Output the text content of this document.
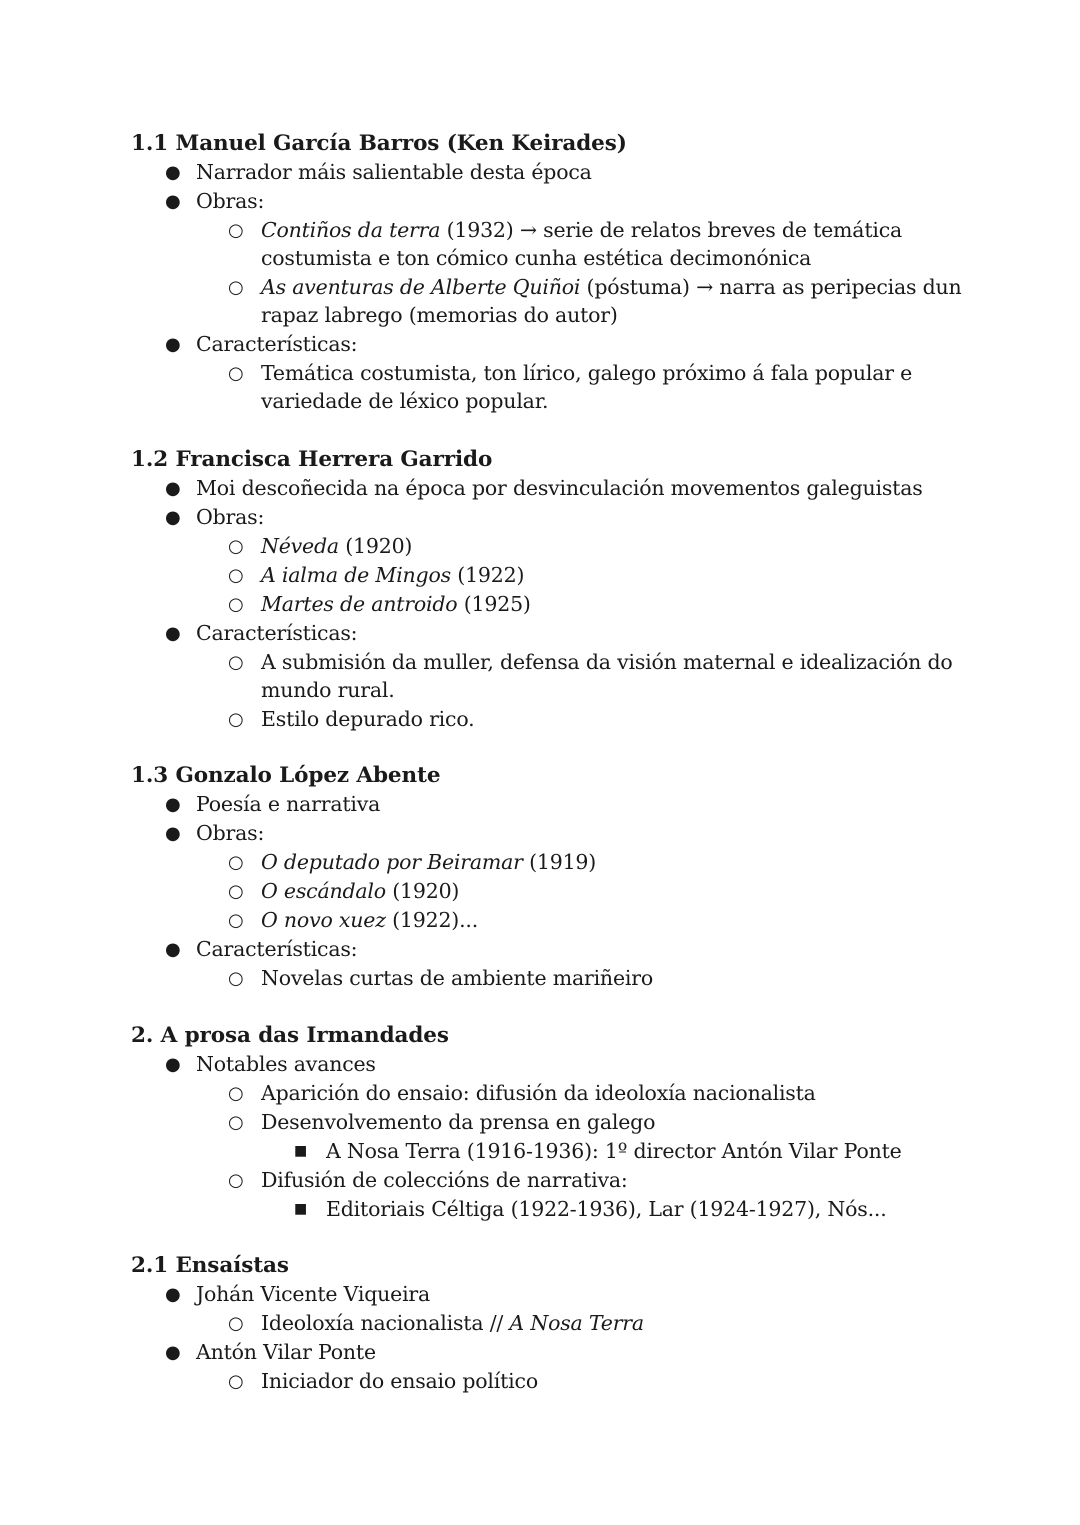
1.1 Manuel García Barros (Ken Keirades)
● Narrador máis salientable desta época
● Obras:
○ Contiños da terra (1932) → serie de relatos breves de temática
costumista e ton cómico cunha estética decimonónica
○ As aventuras de Alberte Quiñoi (póstuma) → narra as peripecias dun
rapaz labrego (memorias do autor)
● Características:
○ Temática costumista, ton lírico, galego próximo á fala popular e
variedade de léxico popular.
1.2 Francisca Herrera Garrido
● Moi descoñecida na época por desvinculación movementos galeguistas
● Obras:
○ Néveda (1920)
○ A ialma de Mingos (1922)
○ Martes de antroido (1925)
● Características:
○ A submisión da muller, defensa da visión maternal e idealización do
mundo rural.
○ Estilo depurado rico.
1.3 Gonzalo López Abente
● Poesía e narrativa
● Obras:
○ O deputado por Beiramar (1919)
○ O escándalo (1920)
○ O novo xuez (1922)...
● Características:
○ Novelas curtas de ambiente mariñeiro
2. A prosa das Irmandades
● Notables avances
○ Aparición do ensaio: difusión da ideoloxía nacionalista
○ Desenvolvemento da prensa en galego
■ A Nosa Terra (1916-1936): 1º director Antón Vilar Ponte
○ Difusión de coleccións de narrativa:
■ Editoriais Céltiga (1922-1936), Lar (1924-1927), Nós...
2.1 Ensaístas
● Johán Vicente Viqueira
○ Ideoloxía nacionalista // A Nosa Terra
● Antón Vilar Ponte
○ Iniciador do ensaio político
